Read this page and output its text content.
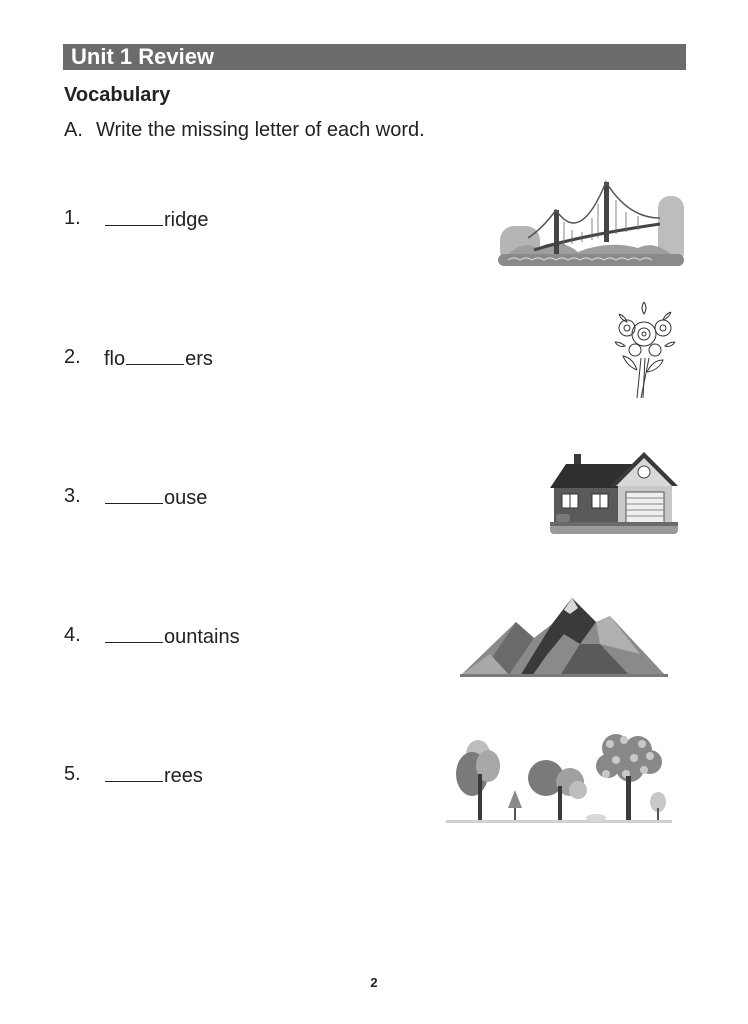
Unit 1 Review
Vocabulary
A. Write the missing letter of each word.
1.	ridge
2. flo	ers
3.	ouse
4.	ountains
5.	rees
2
